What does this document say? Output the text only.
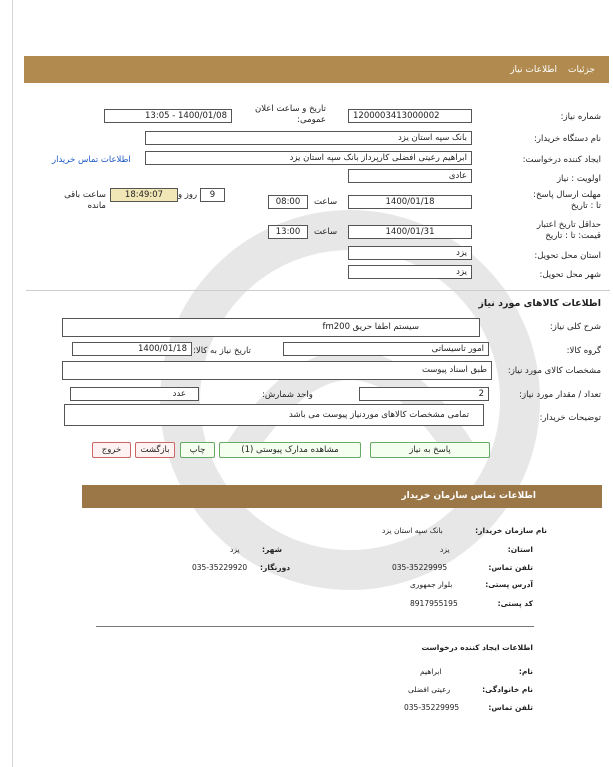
اطلاعات نیاز جزئیات
شماره نیاز:
1200003413000002
تاریخ و ساعت اعلان عمومی:
1400/01/08 - 13:05
نام دستگاه خریدار:
بانک سپه استان یزد
ایجاد کننده درخواست:
ابراهیم رعیتی افضلی کارپرداز بانک سپه استان یزد
اطلاعات تماس خریدار
اولویت : نیاز
عادی
مهلت ارسال پاسخ: تا : تاریخ
1400/01/18
ساعت
08:00
9
روز و
18:49:07
ساعت باقی مانده
حداقل تاریخ اعتبار قیمت: تا : تاریخ
1400/01/31
ساعت
13:00
استان محل تحویل:
یزد
شهر محل تحویل:
یزد
اطلاعات کالاهای مورد نیاز
شرح کلی نیاز:
سیستم اطفا حریق fm200
گروه کالا:
امور تاسیساتی
تاریخ نیاز به کالا:
1400/01/18
مشخصات کالای مورد نیاز:
طبق اسناد پیوست
تعداد / مقدار مورد نیاز:
2
واحد شمارش:
عدد
توضیحات خریدار:
تمامی مشخصات کالاهای موردنیاز پیوست می باشد
پاسخ به نیاز
مشاهده مدارک پیوستی (1)
چاپ
بازگشت
خروج
اطلاعات تماس سازمان خریدار
نام سازمان خریدار:
بانک سپه استان یزد
استان:
یزد
شهر:
یزد
تلفن تماس:
035-35229995
دورنگار:
035-35229920
آدرس پستی:
بلوار جمهوری
کد پستی:
8917955195
اطلاعات ایجاد کننده درخواست
نام:
ابراهیم
نام خانوادگی:
رعیتی افضلی
تلفن تماس:
035-35229995
